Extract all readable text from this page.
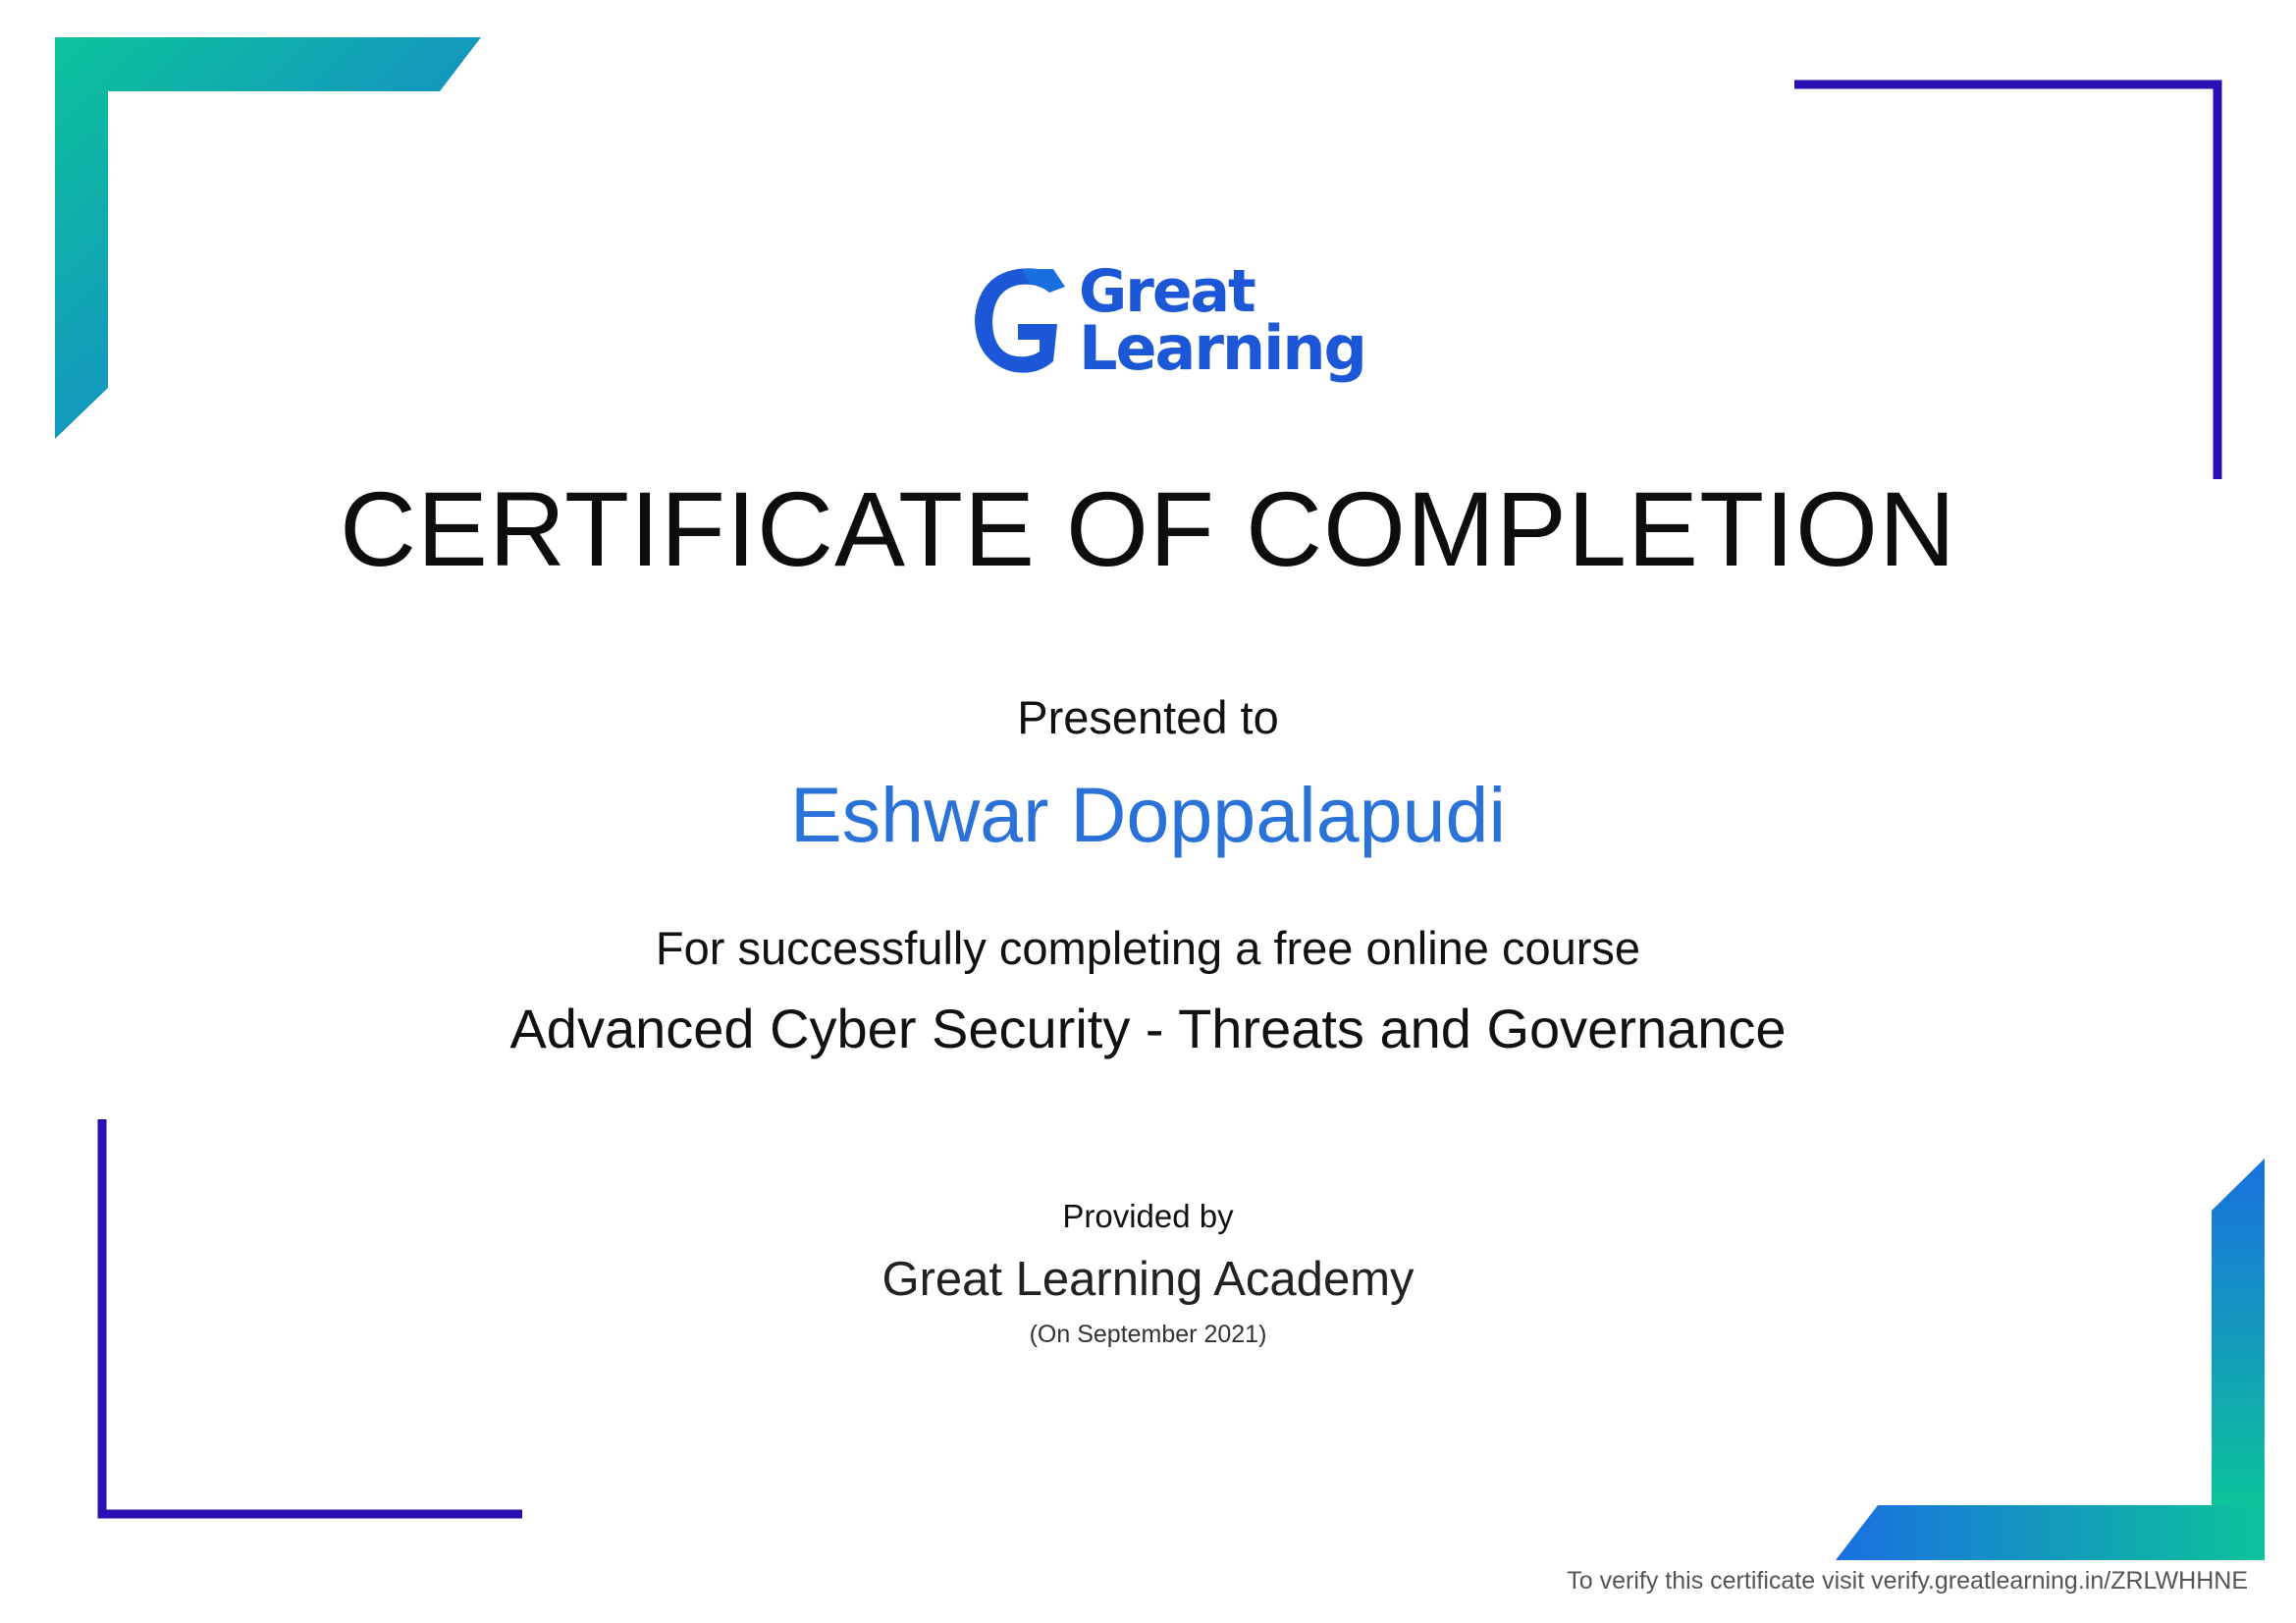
Great
Learning
CERTIFICATE OF COMPLETION
Presented to
Eshwar Doppalapudi
For successfully completing a free online course
Advanced Cyber Security - Threats and Governance
Provided by
Great Learning Academy
(On September 2021)
To verify this certificate visit verify.greatlearning.in/ZRLWHHNE
